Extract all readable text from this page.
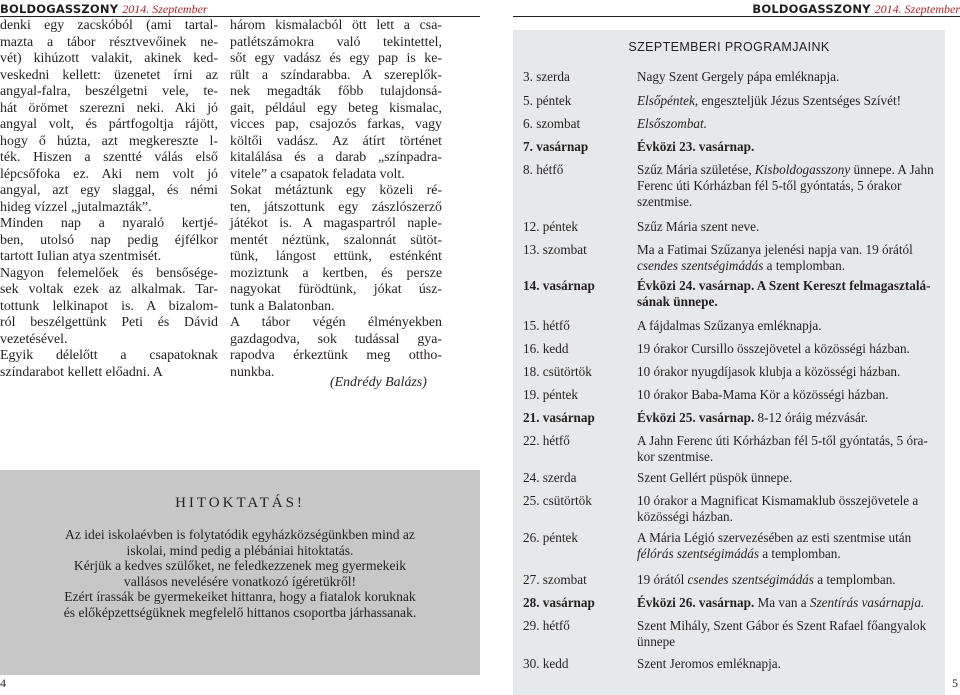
BOLDOGASSZONY 2014. Szeptember	BOLDOGASSZONY 2014. Szeptember
denki egy zacskóból (ami tartal-
mazta a tábor résztvevőinek ne-
vét) kihúzott valakit, akinek ked-
veskedni kellett: üzenetet írni az
angyal-falra, beszélgetni vele, te-
hát örömet szerezni neki. Aki jó
angyal volt, és pártfogoltja rájött,
hogy ő húzta, azt megkereszte l-
ték. Hiszen a szentté válás első
lépcsőfoka ez. Aki nem volt jó
angyal, azt egy slaggal, és némi
hideg vízzel „jutalmazták”.
Minden nap a nyaraló kertjé-
ben, utolsó nap pedig éjfélkor
tartott Iulian atya szentmisét.
Nagyon felemelőek és bensősége-
sek voltak ezek az alkalmak. Tar-
tottunk lelkinapot is. A bizalom-
ról beszélgettünk Peti és Dávid
vezetésével.
Egyik délelőtt a csapatoknak
színdarabot kellett előadni. A
három kismalacból ött lett a csa-
patlétszámokra való tekintettel,
sőt egy vadász és egy pap is ke-
rült a színdarabba. A szereplők-
nek megadták főbb tulajdonsá-
gait, például egy beteg kismalac,
vicces pap, csajozós farkas, vagy
költői vadász. Az átírt történet
kitalálása és a darab „színpadra-
vitele” a csapatok feladata volt.
Sokat métáztunk egy közeli ré-
ten, játszottunk egy zászlószerző
játékot is. A magaspartról naple-
mentét néztünk, szalonnát sütöt-
tünk, lángost ettünk, esténként
moziztunk a kertben, és persze
nagyokat fürödtünk, jókat úsz-
tunk a Balatonban.
A tábor végén élményekben
gazdagodva, sok tudással gya-
rapodva érkeztünk meg ottho-
nunkba.
(Endrédy Balázs)
HITOKTATÁS!
Az idei iskolaévben is folytatódik egyházközségünkben mind az
iskolai, mind pedig a plébániai hitoktatás.
Kérjük a kedves szülőket, ne feledkezzenek meg gyermekeik
vallásos nevelésére vonatkozó ígéretükről!
Ezért írassák be gyermekeiket hittanra, hogy a fiatalok koruknak
és előképzettségüknek megfelelő hittanos csoportba járhassanak.
SZEPTEMBERI PROGRAMJAINK
3. szerda	Nagy Szent Gergely pápa emléknapja.
5. péntek	Elsőpéntek, engeszteljük Jézus Szentséges Szívét!
6. szombat	Elsőszombat.
7. vasárnap	Évközi 23. vasárnap.
8. hétfő	Szűz Mária születése, Kisboldogasszony ünnepe. A Jahn
Ferenc úti Kórházban fél 5-től gyóntatás, 5 órakor
szentmise.
12. péntek	Szűz Mária szent neve.
13. szombat	Ma a Fatimai Szűzanya jelenési napja van. 19 órától
csendes szentségimádás a templomban.
14. vasárnap	Évközi 24. vasárnap. A Szent Kereszt felmagasztalá-
sának ünnepe.
15. hétfő	A fájdalmas Szűzanya emléknapja.
16. kedd	19 órakor Cursillo összejövetel a közösségi házban.
18. csütörtök	10 órakor nyugdíjasok klubja a közösségi házban.
19. péntek	10 órakor Baba-Mama Kör a közösségi házban.
21. vasárnap	Évközi 25. vasárnap. 8-12 óráig mézvásár.
22. hétfő	A Jahn Ferenc úti Kórházban fél 5-től gyóntatás, 5 óra-
kor szentmise.
24. szerda	Szent Gellért püspök ünnepe.
25. csütörtök	10 órakor a Magnificat Kismamaklub összejövetele a
közösségi házban.
26. péntek	A Mária Légió szervezésében az esti szentmise után
félórás szentségimádás a templomban.
27. szombat	19 órától csendes szentségimádás a templomban.
28. vasárnap	Évközi 26. vasárnap. Ma van a Szentírás vasárnapja.
29. hétfő	Szent Mihály, Szent Gábor és Szent Rafael főangyalok
ünnepe
30. kedd	Szent Jeromos emléknapja.
4	5
